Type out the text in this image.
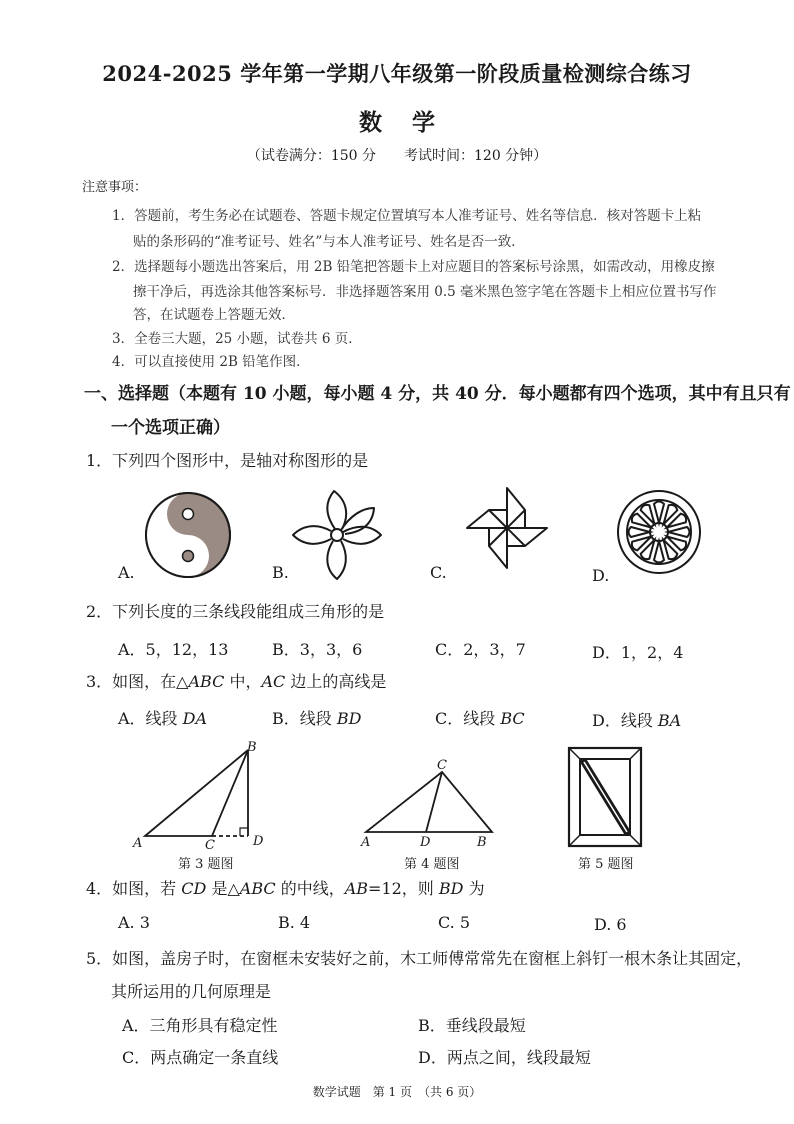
2024-2025 学年第一学期八年级第一阶段质量检测综合练习
数学
（试卷满分：150 分　　考试时间：120 分钟）
注意事项：
1．答题前，考生务必在试题卷、答题卡规定位置填写本人准考证号、姓名等信息．核对答题卡上粘
贴的条形码的“准考证号、姓名”与本人准考证号、姓名是否一致．
2．选择题每小题选出答案后，用 2B 铅笔把答题卡上对应题目的答案标号涂黑，如需改动，用橡皮擦
擦干净后，再选涂其他答案标号．非选择题答案用 0.5 毫米黑色签字笔在答题卡上相应位置书写作
答，在试题卷上答题无效．
3．全卷三大题，25 小题，试卷共 6 页．
4．可以直接使用 2B 铅笔作图．
一、选择题（本题有 10 小题，每小题 4 分，共 40 分．每小题都有四个选项，其中有且只有
一个选项正确）
1．下列四个图形中，是轴对称图形的是
A.	B.	C.	D.
2．下列长度的三条线段能组成三角形的是
A．5，12，13	B．3，3，6	C．2，3，7	D．1，2，4
3．如图，在△ABC 中，AC 边上的高线是
A．线段 DA	B．线段 BD	C．线段 BC	D．线段 BA
A
B
C	D
第 3 题图
A	B
C
D
第 4 题图	第 5 题图
4．如图，若 CD 是△ABC 的中线，AB=12，则 BD 为
A. 3	B. 4	C. 5	D. 6
5．如图，盖房子时，在窗框未安装好之前，木工师傅常常先在窗框上斜钉一根木条让其固定，
其所运用的几何原理是
A．三角形具有稳定性	B．垂线段最短
C．两点确定一条直线	D．两点之间，线段最短
数学试题　第 1 页　（共 6 页）
